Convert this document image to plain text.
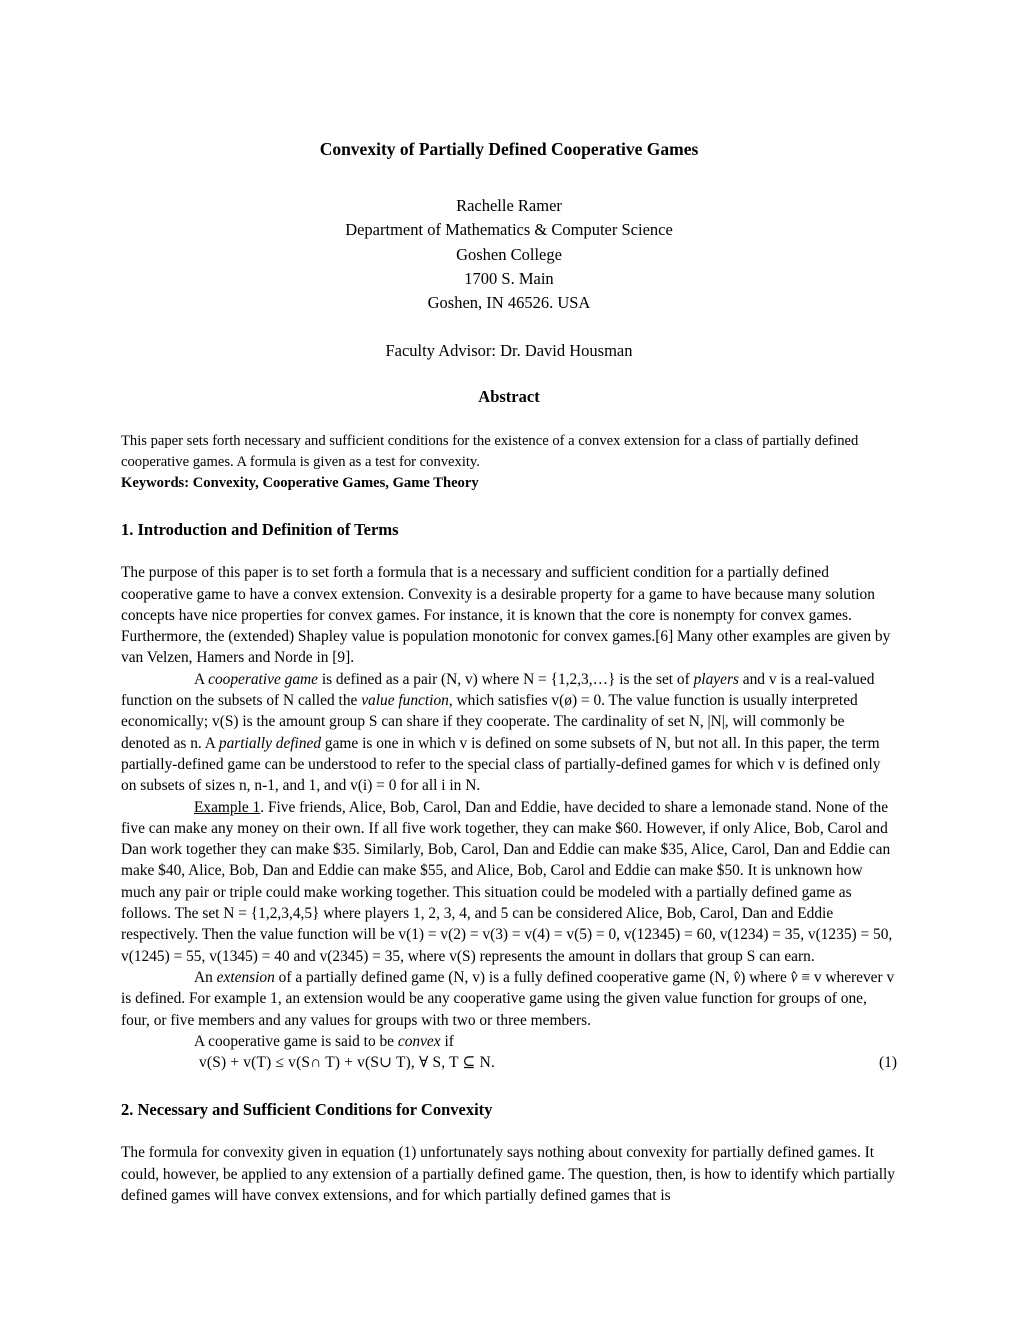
Convexity of Partially Defined Cooperative Games
Rachelle Ramer
Department of Mathematics & Computer Science
Goshen College
1700 S. Main
Goshen, IN 46526. USA
Faculty Advisor: Dr. David Housman
Abstract
This paper sets forth necessary and sufficient conditions for the existence of a convex extension for a class of partially defined cooperative games. A formula is given as a test for convexity.
Keywords: Convexity, Cooperative Games, Game Theory
1. Introduction and Definition of Terms

The purpose of this paper is to set forth a formula that is a necessary and sufficient condition for a partially defined cooperative game to have a convex extension. Convexity is a desirable property for a game to have because many solution concepts have nice properties for convex games. For instance, it is known that the core is nonempty for convex games. Furthermore, the (extended) Shapley value is population monotonic for convex games.[6] Many other examples are given by van Velzen, Hamers and Norde in [9].

A cooperative game is defined as a pair (N, v) where N = {1,2,3,…} is the set of players and v is a real-valued function on the subsets of N called the value function, which satisfies v(ø) = 0. The value function is usually interpreted economically; v(S) is the amount group S can share if they cooperate. The cardinality of set N, |N|, will commonly be denoted as n. A partially defined game is one in which v is defined on some subsets of N, but not all. In this paper, the term partially-defined game can be understood to refer to the special class of partially-defined games for which v is defined only on subsets of sizes n, n-1, and 1, and v(i) = 0 for all i in N.

Example 1. Five friends, Alice, Bob, Carol, Dan and Eddie, have decided to share a lemonade stand. None of the five can make any money on their own. If all five work together, they can make $60. However, if only Alice, Bob, Carol and Dan work together they can make $35. Similarly, Bob, Carol, Dan and Eddie can make $35, Alice, Carol, Dan and Eddie can make $40, Alice, Bob, Dan and Eddie can make $55, and Alice, Bob, Carol and Eddie can make $50. It is unknown how much any pair or triple could make working together. This situation could be modeled with a partially defined game as follows. The set N = {1,2,3,4,5} where players 1, 2, 3, 4, and 5 can be considered Alice, Bob, Carol, Dan and Eddie respectively. Then the value function will be v(1) = v(2) = v(3) = v(4) = v(5) = 0, v(12345) = 60, v(1234) = 35, v(1235) = 50, v(1245) = 55, v(1345) = 40 and v(2345) = 35, where v(S) represents the amount in dollars that group S can earn.

An extension of a partially defined game (N, v) is a fully defined cooperative game (N, v̂) where v̂ ≡ v wherever v is defined. For example 1, an extension would be any cooperative game using the given value function for groups of one, four, or five members and any values for groups with two or three members.

A cooperative game is said to be convex if

v(S) + v(T) ≤ v(S∩ T) + v(S∪ T), ∀ S, T ⊆ N.	(1)

2. Necessary and Sufficient Conditions for Convexity

The formula for convexity given in equation (1) unfortunately says nothing about convexity for partially defined games. It could, however, be applied to any extension of a partially defined game. The question, then, is how to identify which partially defined games will have convex extensions, and for which partially defined games that is
